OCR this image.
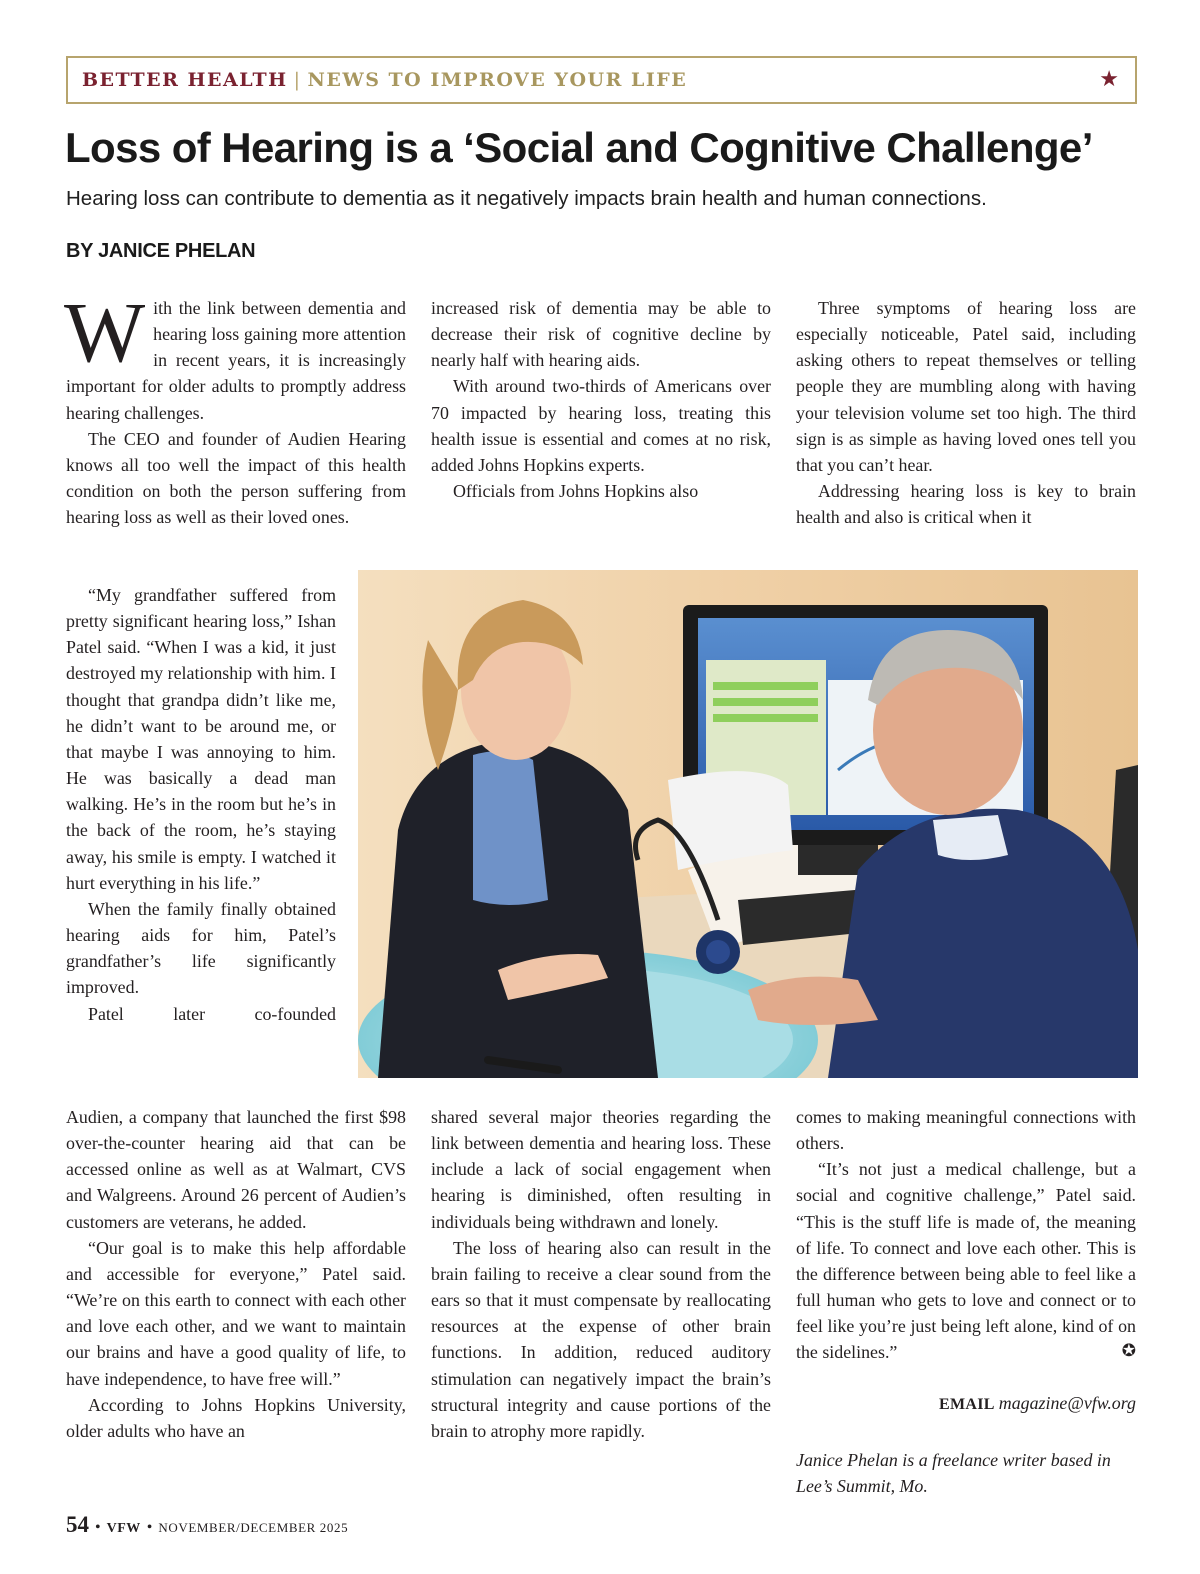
BETTER HEALTH | NEWS TO IMPROVE YOUR LIFE	★
Loss of Hearing is a ‘Social and Cognitive Challenge’

Hearing loss can contribute to dementia as it negatively impacts brain health and human connections.

BY JANICE PHELAN

With the link between dementia and hearing loss gaining more attention in recent years, it is increasingly important for older adults to promptly address hearing challenges.

The CEO and founder of Audien Hearing knows all too well the impact of this health condition on both the person suffering from hearing loss as well as their loved ones.

“My grandfather suffered from pretty significant hearing loss,” Ishan Patel said. “When I was a kid, it just destroyed my relationship with him. I thought that grandpa didn’t like me, he didn’t want to be around me, or that maybe I was annoying to him. He was basically a dead man walking. He’s in the room but he’s in the back of the room, he’s staying away, his smile is empty. I watched it hurt everything in his life.”

When the family finally obtained hearing aids for him, Patel’s grandfather’s life significantly improved.

Patel later co-founded

Audien, a company that launched the first $98 over-the-counter hearing aid that can be accessed online as well as at Walmart, CVS and Walgreens. Around 26 percent of Audien’s customers are veterans, he added.

“Our goal is to make this help affordable and accessible for everyone,” Patel said. “We’re on this earth to connect with each other and love each other, and we want to maintain our brains and have a good quality of life, to have independence, to have free will.”

According to Johns Hopkins University, older adults who have an

increased risk of dementia may be able to decrease their risk of cognitive decline by nearly half with hearing aids.

With around two-thirds of Americans over 70 impacted by hearing loss, treating this health issue is essential and comes at no risk, added Johns Hopkins experts.

Officials from Johns Hopkins also

shared several major theories regarding the link between dementia and hearing loss. These include a lack of social engagement when hearing is diminished, often resulting in individuals being withdrawn and lonely.

The loss of hearing also can result in the brain failing to receive a clear sound from the ears so that it must compensate by reallocating resources at the expense of other brain functions. In addition, reduced auditory stimulation can negatively impact the brain’s structural integrity and cause portions of the brain to atrophy more rapidly.

Three symptoms of hearing loss are especially noticeable, Patel said, including asking others to repeat themselves or telling people they are mumbling along with having your television volume set too high. The third sign is as simple as having loved ones tell you that you can’t hear.

Addressing hearing loss is key to brain health and also is critical when it

comes to making meaningful connections with others.

“It’s not just a medical challenge, but a social and cognitive challenge,” Patel said. “This is the stuff life is made of, the meaning of life. To connect and love each other. This is the difference between being able to feel like a full human who gets to love and connect or to feel like you’re just being left alone, kind of on the sidelines.”	✪

EMAIL magazine@vfw.org

Janice Phelan is a freelance writer based in Lee’s Summit, Mo.

54 • VFW • NOVEMBER/DECEMBER 2025
